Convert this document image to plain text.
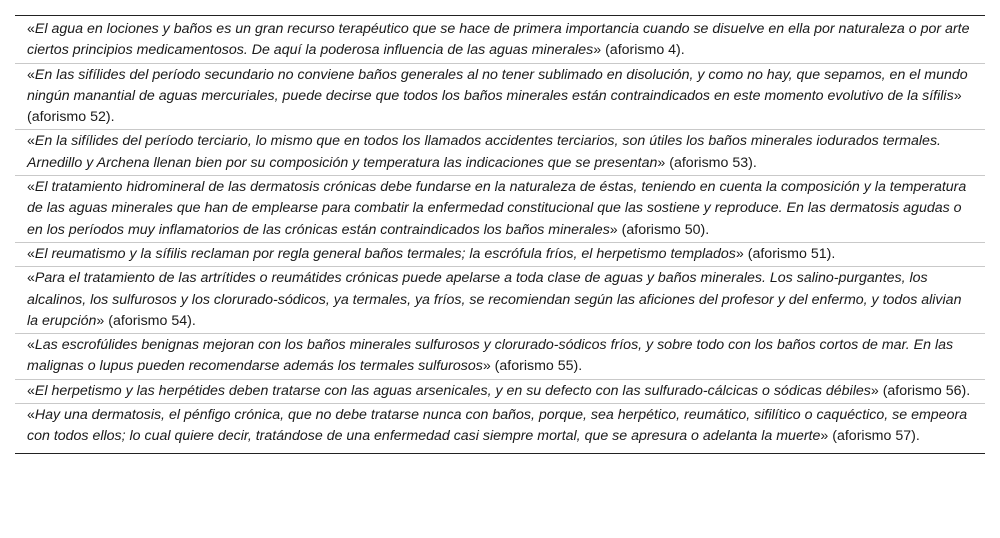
«El agua en lociones y baños es un gran recurso terapéutico que se hace de primera importancia cuando se disuelve en ella por naturaleza o por arte ciertos principios medicamentosos. De aquí la poderosa influencia de las aguas minerales» (aforismo 4).
«En las sifílides del período secundario no conviene baños generales al no tener sublimado en disolución, y como no hay, que sepamos, en el mundo ningún manantial de aguas mercuriales, puede decirse que todos los baños minerales están contraindicados en este momento evolutivo de la sífilis» (aforismo 52).
«En la sifílides del período terciario, lo mismo que en todos los llamados accidentes terciarios, son útiles los baños minerales iodurados termales. Arnedillo y Archena llenan bien por su composición y temperatura las indicaciones que se presentan» (aforismo 53).
«El tratamiento hidromineral de las dermatosis crónicas debe fundarse en la naturaleza de éstas, teniendo en cuenta la composición y la temperatura de las aguas minerales que han de emplearse para combatir la enfermedad constitucional que las sostiene y reproduce. En las dermatosis agudas o en los períodos muy inflamatorios de las crónicas están contraindicados los baños minerales» (aforismo 50).
«El reumatismo y la sífilis reclaman por regla general baños termales; la escrófula fríos, el herpetismo templados» (aforismo 51).
«Para el tratamiento de las artrítides o reumátides crónicas puede apelarse a toda clase de aguas y baños minerales. Los salino-purgantes, los alcalinos, los sulfurosos y los clorurado-sódicos, ya termales, ya fríos, se recomiendan según las aficiones del profesor y del enfermo, y todos alivian la erupción» (aforismo 54).
«Las escrofúlides benignas mejoran con los baños minerales sulfurosos y clorurado-sódicos fríos, y sobre todo con los baños cortos de mar. En las malignas o lupus pueden recomendarse además los termales sulfurosos» (aforismo 55).
«El herpetismo y las herpétides deben tratarse con las aguas arsenicales, y en su defecto con las sulfurado-cálcicas o sódicas débiles» (aforismo 56).
«Hay una dermatosis, el pénfigo crónica, que no debe tratarse nunca con baños, porque, sea herpético, reumático, sifilítico o caquéctico, se empeora con todos ellos; lo cual quiere decir, tratándose de una enfermedad casi siempre mortal, que se apresura o adelanta la muerte» (aforismo 57).
